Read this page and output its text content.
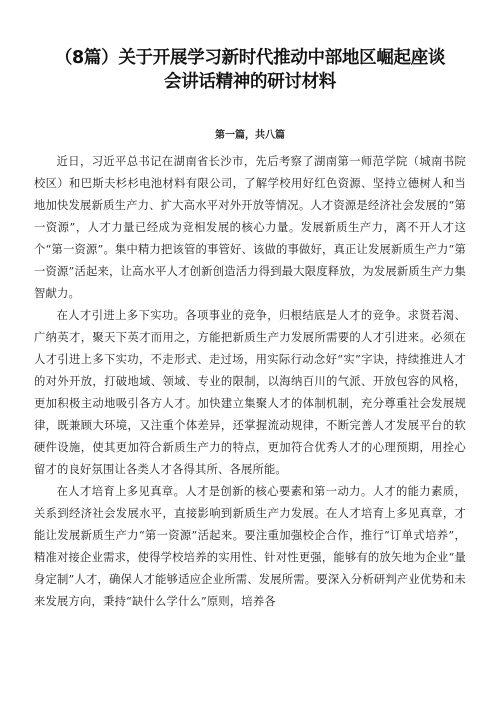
（8篇）关于开展学习新时代推动中部地区崛起座谈
会讲话精神的研讨材料
第一篇，共八篇

近日，习近平总书记在湖南省长沙市，先后考察了湖南第一师范学院（城南书院校区）和巴斯夫杉杉电池材料有限公司，了解学校用好红色资源、坚持立德树人和当地加快发展新质生产力、扩大高水平对外开放等情况。人才资源是经济社会发展的“第一资源”，人才力量已经成为竞相发展的核心力量。发展新质生产力，离不开人才这个“第一资源”。集中精力把该管的事管好、该做的事做好，真正让发展新质生产力“第一资源”活起来，让高水平人才创新创造活力得到最大限度释放，为发展新质生产力集智献力。

在人才引进上多下实功。各项事业的竞争，归根结底是人才的竞争。求贤若渴、广纳英才，聚天下英才而用之，方能把新质生产力发展所需要的人才引进来。必须在人才引进上多下实功，不走形式、走过场，用实际行动念好“实”字诀，持续推进人才的对外开放，打破地域、领域、专业的限制，以海纳百川的气派、开放包容的风格，更加积极主动地吸引各方人才。加快建立集聚人才的体制机制，充分尊重社会发展规律，既兼顾大环境，又注重个体差异，还掌握流动规律，不断完善人才发展平台的软硬件设施，使其更加符合新质生产力的特点，更加符合优秀人才的心理预期，用拴心留才的良好氛围让各类人才各得其所、各展所能。

在人才培育上多见真章。人才是创新的核心要素和第一动力。人才的能力素质，关系到经济社会发展水平，直接影响到新质生产力发展。在人才培育上多见真章，才能让发展新质生产力“第一资源”活起来。要注重加强校企合作，推行“订单式培养”，精准对接企业需求，使得学校培养的实用性、针对性更强，能够有的放矢地为企业“量身定制”人才，确保人才能够适应企业所需、发展所需。要深入分析研判产业优势和未来发展方向，秉持“缺什么学什么”原则，培养各
